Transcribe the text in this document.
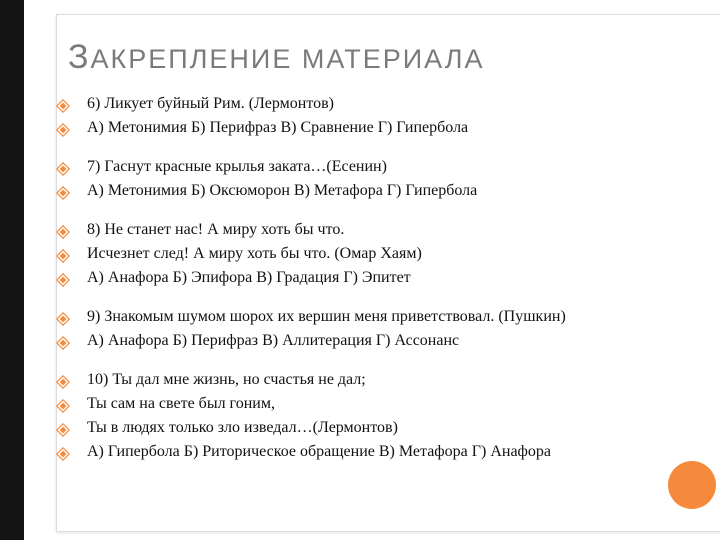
ЗАКРЕПЛЕНИЕ МАТЕРИАЛА
6) Ликует буйный Рим. (Лермонтов)
А) Метонимия Б) Перифраз В) Сравнение Г) Гипербола
7) Гаснут красные крылья заката…(Есенин)
А) Метонимия Б) Оксюморон В) Метафора Г) Гипербола
8) Не станет нас! А миру хоть бы что.
Исчезнет след! А миру хоть бы что. (Омар Хаям)
А) Анафора Б) Эпифора В) Градация Г) Эпитет
9) Знакомым шумом шорох их вершин меня приветствовал. (Пушкин)
А) Анафора Б) Перифраз В) Аллитерация Г) Ассонанс
10) Ты дал мне жизнь, но счастья не дал;
Ты сам на свете был гоним,
Ты в людях только зло изведал…(Лермонтов)
А) Гипербола Б) Риторическое обращение В) Метафора Г) Анафора
